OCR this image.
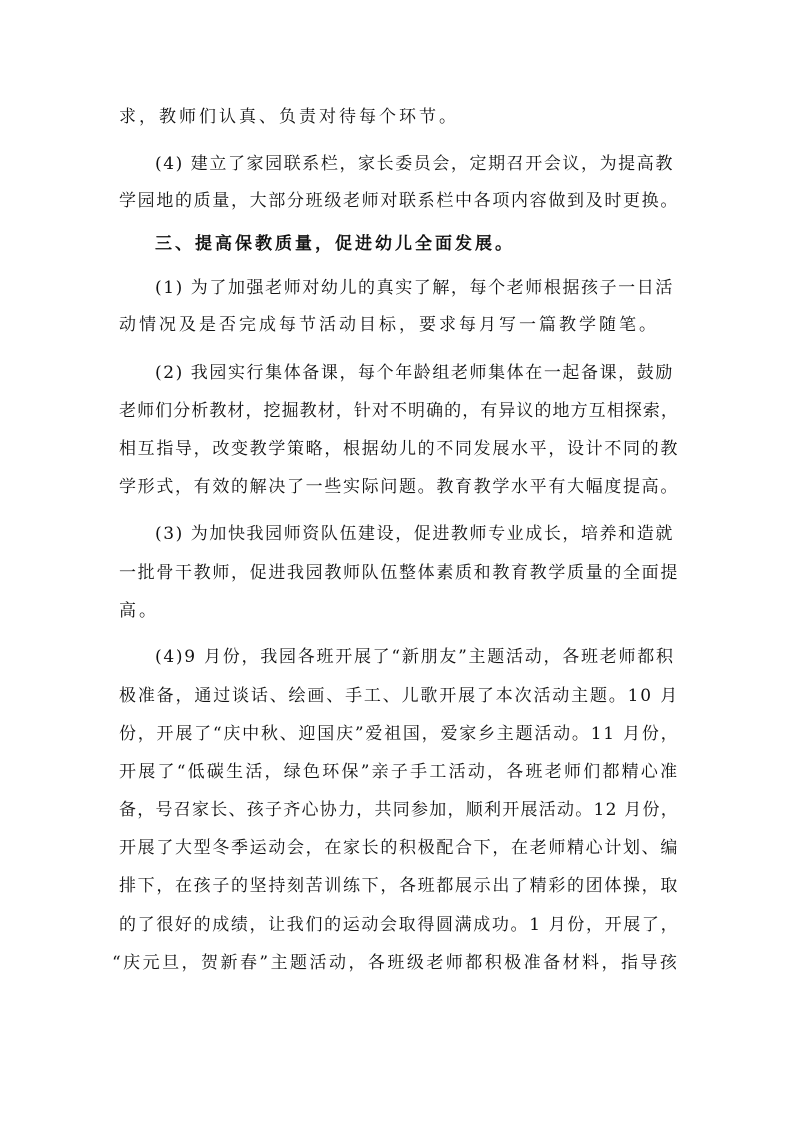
求，教师们认真、负责对待每个环节。
(4) 建立了家园联系栏，家长委员会，定期召开会议，为提高教
学园地的质量，大部分班级老师对联系栏中各项内容做到及时更换。
三、提高保教质量，促进幼儿全面发展。
(1) 为了加强老师对幼儿的真实了解，每个老师根据孩子一日活
动情况及是否完成每节活动目标，要求每月写一篇教学随笔。
(2) 我园实行集体备课，每个年龄组老师集体在一起备课，鼓励
老师们分析教材，挖掘教材，针对不明确的，有异议的地方互相探索，
相互指导，改变教学策略，根据幼儿的不同发展水平，设计不同的教
学形式，有效的解决了一些实际问题。教育教学水平有大幅度提高。
(3) 为加快我园师资队伍建设，促进教师专业成长，培养和造就
一批骨干教师，促进我园教师队伍整体素质和教育教学质量的全面提
高。
(4)9 月份，我园各班开展了“新朋友”主题活动，各班老师都积
极准备，通过谈话、绘画、手工、儿歌开展了本次活动主题。10 月
份，开展了“庆中秋、迎国庆”爱祖国，爱家乡主题活动。11 月份，
开展了“低碳生活，绿色环保”亲子手工活动，各班老师们都精心准
备，号召家长、孩子齐心协力，共同参加，顺利开展活动。12 月份，
开展了大型冬季运动会，在家长的积极配合下，在老师精心计划、编
排下，在孩子的坚持刻苦训练下，各班都展示出了精彩的团体操，取
的了很好的成绩，让我们的运动会取得圆满成功。1 月份，开展了，
“庆元旦，贺新春”主题活动，各班级老师都积极准备材料，指导孩
